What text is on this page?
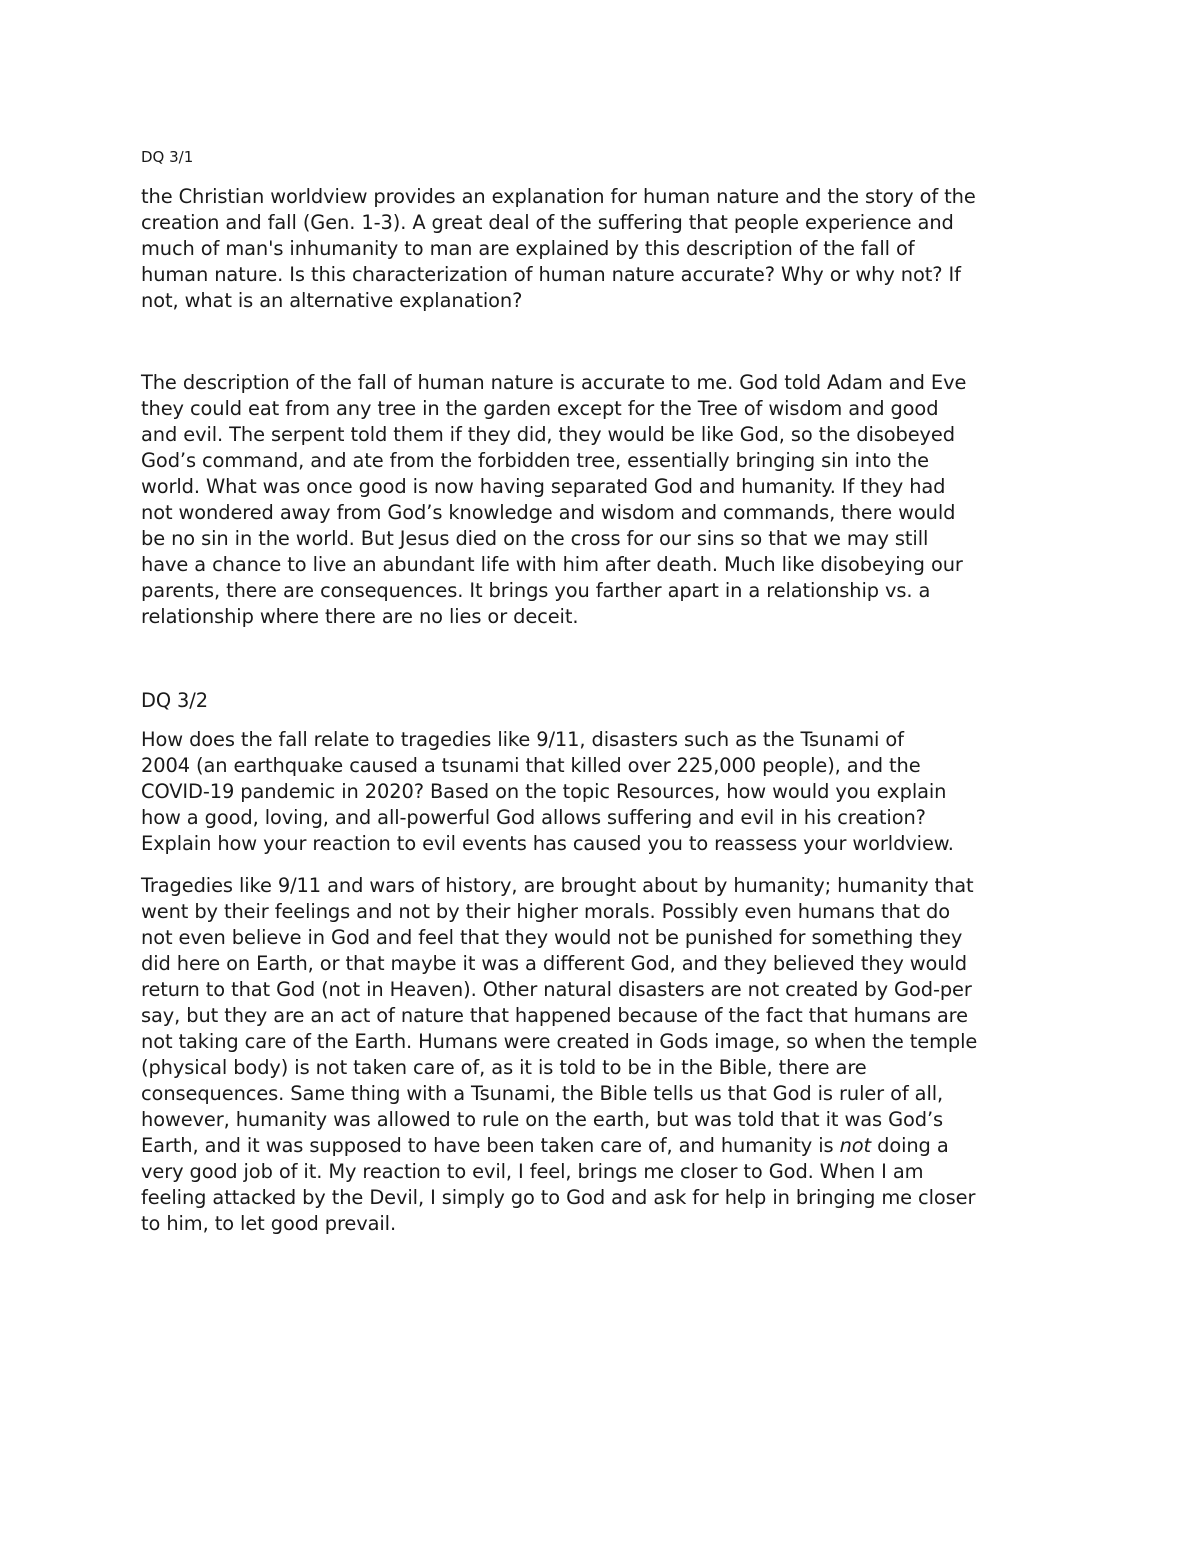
DQ 3/1

the Christian worldview provides an explanation for human nature and the story of the
creation and fall (Gen. 1-3). A great deal of the suffering that people experience and
much of man's inhumanity to man are explained by this description of the fall of
human nature. Is this characterization of human nature accurate? Why or why not? If
not, what is an alternative explanation?

The description of the fall of human nature is accurate to me. God told Adam and Eve
they could eat from any tree in the garden except for the Tree of wisdom and good
and evil. The serpent told them if they did, they would be like God, so the disobeyed
God’s command, and ate from the forbidden tree, essentially bringing sin into the
world. What was once good is now having separated God and humanity. If they had
not wondered away from God’s knowledge and wisdom and commands, there would
be no sin in the world. But Jesus died on the cross for our sins so that we may still
have a chance to live an abundant life with him after death. Much like disobeying our
parents, there are consequences. It brings you farther apart in a relationship vs. a
relationship where there are no lies or deceit.

DQ 3/2

How does the fall relate to tragedies like 9/11, disasters such as the Tsunami of
2004 (an earthquake caused a tsunami that killed over 225,000 people), and the
COVID-19 pandemic in 2020? Based on the topic Resources, how would you explain
how a good, loving, and all-powerful God allows suffering and evil in his creation?
Explain how your reaction to evil events has caused you to reassess your worldview.

Tragedies like 9/11 and wars of history, are brought about by humanity; humanity that
went by their feelings and not by their higher morals. Possibly even humans that do
not even believe in God and feel that they would not be punished for something they
did here on Earth, or that maybe it was a different God, and they believed they would
return to that God (not in Heaven). Other natural disasters are not created by God-per
say, but they are an act of nature that happened because of the fact that humans are
not taking care of the Earth. Humans were created in Gods image, so when the temple
(physical body) is not taken care of, as it is told to be in the Bible, there are
consequences. Same thing with a Tsunami, the Bible tells us that God is ruler of all,
however, humanity was allowed to rule on the earth, but was told that it was God’s
Earth, and it was supposed to have been taken care of, and humanity is not doing a
very good job of it. My reaction to evil, I feel, brings me closer to God. When I am
feeling attacked by the Devil, I simply go to God and ask for help in bringing me closer
to him, to let good prevail.
